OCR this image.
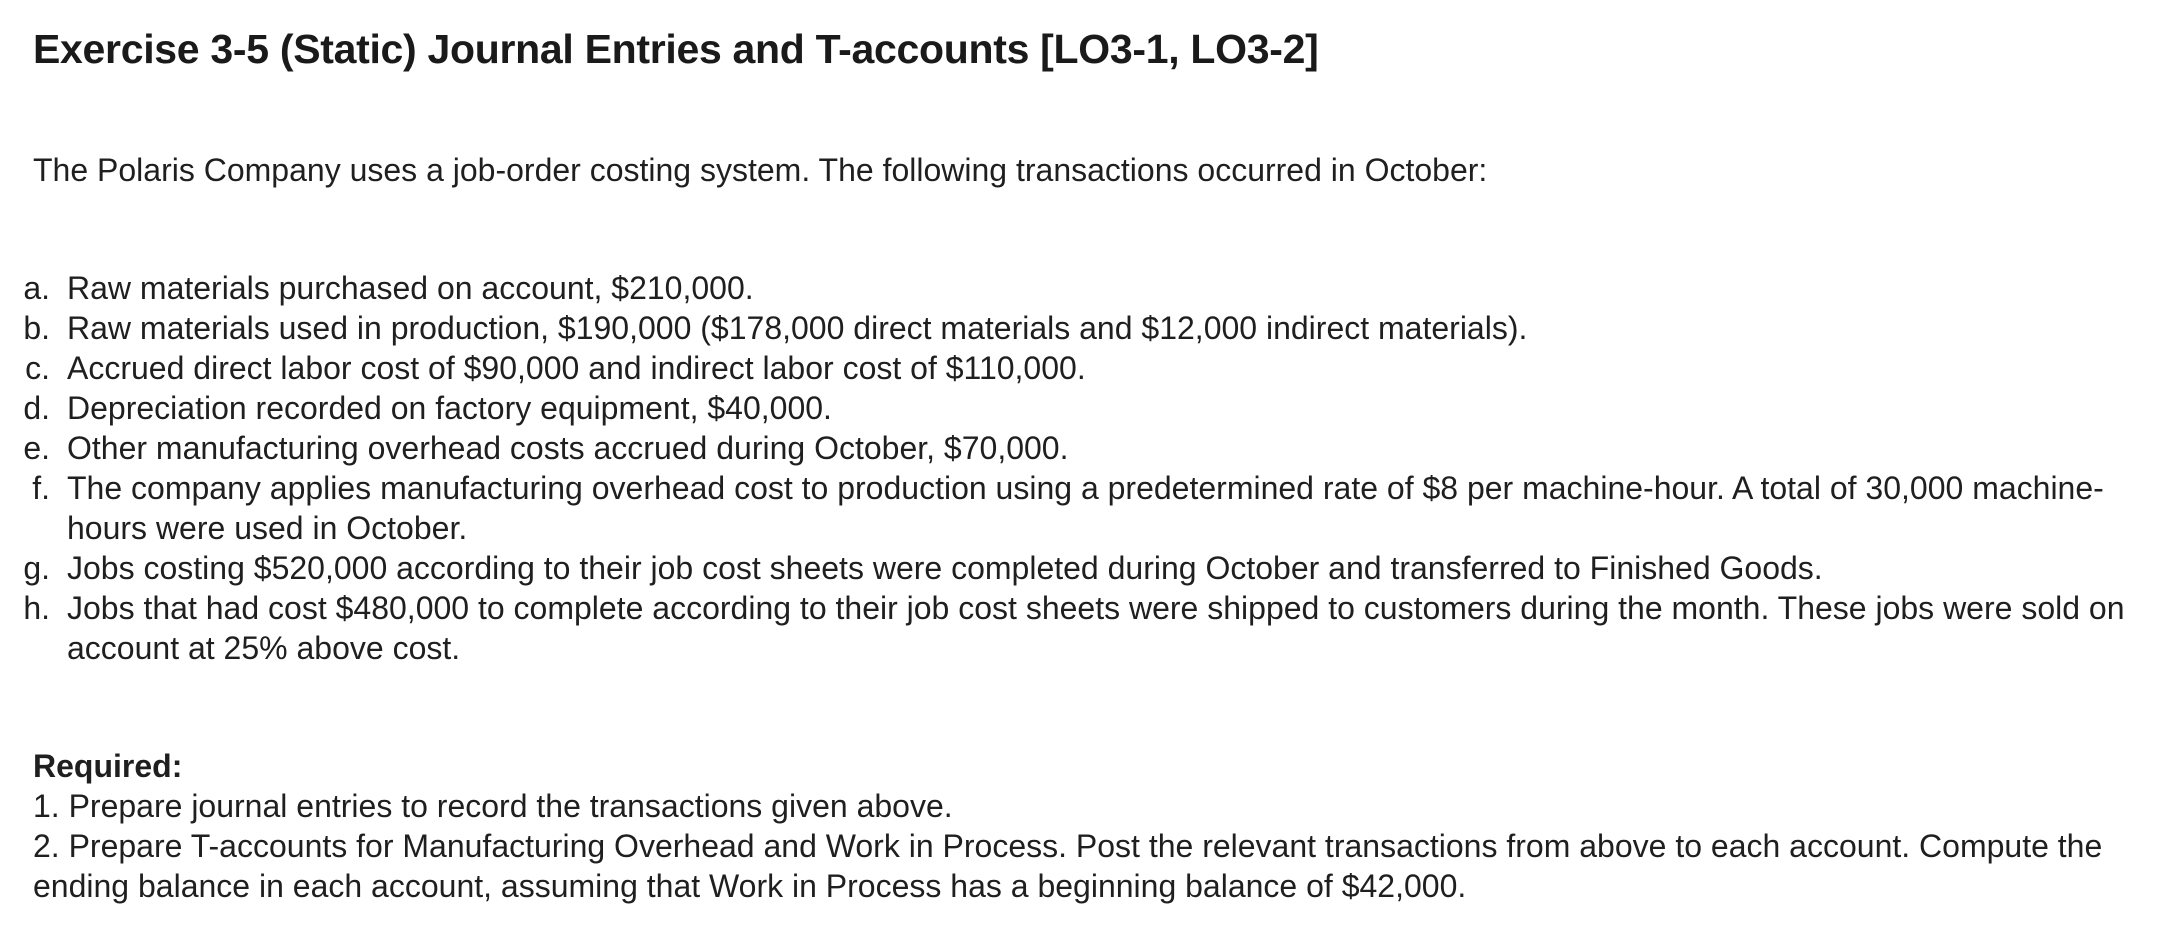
Exercise 3-5 (Static) Journal Entries and T-accounts [LO3-1, LO3-2]

The Polaris Company uses a job-order costing system. The following transactions occurred in October:

a. Raw materials purchased on account, $210,000.
b. Raw materials used in production, $190,000 ($178,000 direct materials and $12,000 indirect materials).
c. Accrued direct labor cost of $90,000 and indirect labor cost of $110,000.
d. Depreciation recorded on factory equipment, $40,000.
e. Other manufacturing overhead costs accrued during October, $70,000.
f. The company applies manufacturing overhead cost to production using a predetermined rate of $8 per machine-hour. A total of 30,000 machine-hours were used in October.
g. Jobs costing $520,000 according to their job cost sheets were completed during October and transferred to Finished Goods.
h. Jobs that had cost $480,000 to complete according to their job cost sheets were shipped to customers during the month. These jobs were sold on account at 25% above cost.

Required:

1. Prepare journal entries to record the transactions given above.

2. Prepare T-accounts for Manufacturing Overhead and Work in Process. Post the relevant transactions from above to each account. Compute the ending balance in each account, assuming that Work in Process has a beginning balance of $42,000.
